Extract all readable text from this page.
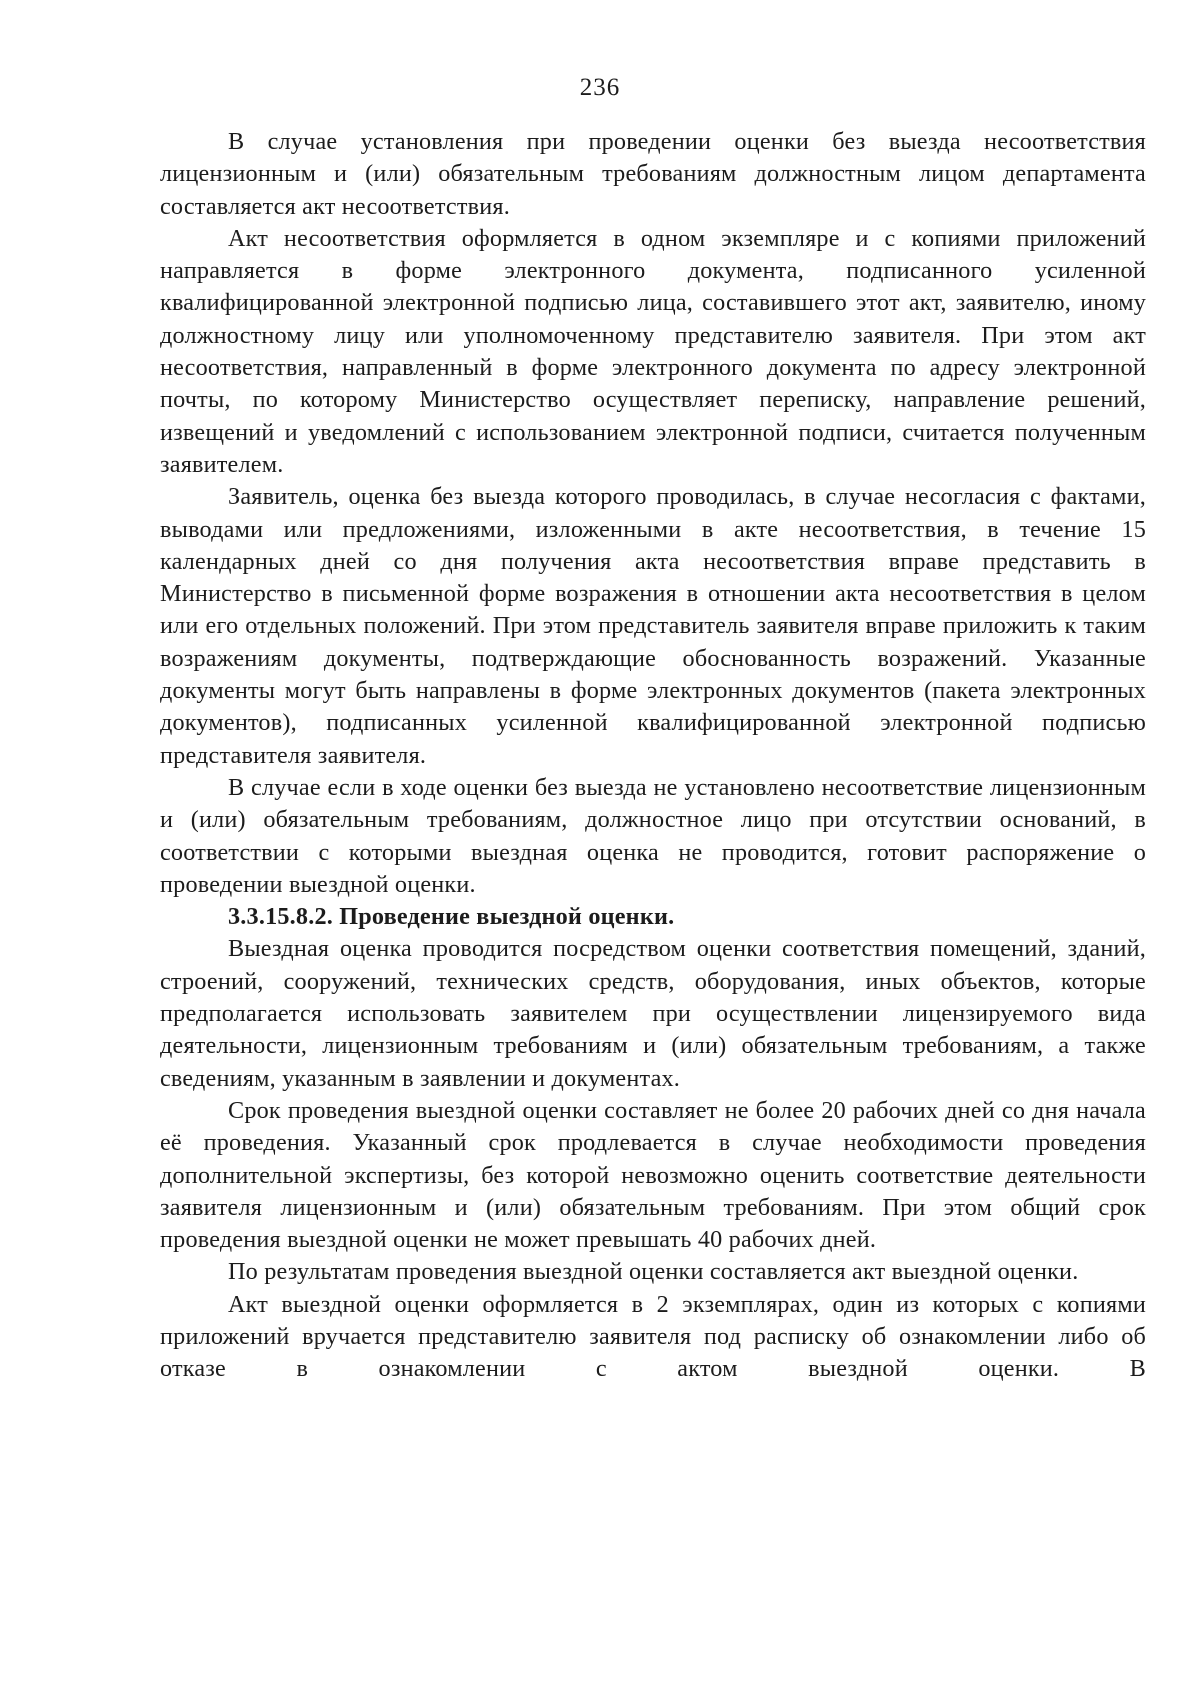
236

В случае установления при проведении оценки без выезда несоответствия лицензионным и (или) обязательным требованиям должностным лицом департамента составляется акт несоответствия.

Акт несоответствия оформляется в одном экземпляре и с копиями приложений направляется в форме электронного документа, подписанного усиленной квалифицированной электронной подписью лица, составившего этот акт, заявителю, иному должностному лицу или уполномоченному представителю заявителя. При этом акт несоответствия, направленный в форме электронного документа по адресу электронной почты, по которому Министерство осуществляет переписку, направление решений, извещений и уведомлений с использованием электронной подписи, считается полученным заявителем.

Заявитель, оценка без выезда которого проводилась, в случае несогласия с фактами, выводами или предложениями, изложенными в акте несоответствия, в течение 15 календарных дней со дня получения акта несоответствия вправе представить в Министерство в письменной форме возражения в отношении акта несоответствия в целом или его отдельных положений. При этом представитель заявителя вправе приложить к таким возражениям документы, подтверждающие обоснованность возражений. Указанные документы могут быть направлены в форме электронных документов (пакета электронных документов), подписанных усиленной квалифицированной электронной подписью представителя заявителя.

В случае если в ходе оценки без выезда не установлено несоответствие лицензионным и (или) обязательным требованиям, должностное лицо при отсутствии оснований, в соответствии с которыми выездная оценка не проводится, готовит распоряжение о проведении выездной оценки.

3.3.15.8.2. Проведение выездной оценки.

Выездная оценка проводится посредством оценки соответствия помещений, зданий, строений, сооружений, технических средств, оборудования, иных объектов, которые предполагается использовать заявителем при осуществлении лицензируемого вида деятельности, лицензионным требованиям и (или) обязательным требованиям, а также сведениям, указанным в заявлении и документах.

Срок проведения выездной оценки составляет не более 20 рабочих дней со дня начала её проведения. Указанный срок продлевается в случае необходимости проведения дополнительной экспертизы, без которой невозможно оценить соответствие деятельности заявителя лицензионным и (или) обязательным требованиям. При этом общий срок проведения выездной оценки не может превышать 40 рабочих дней.

По результатам проведения выездной оценки составляется акт выездной оценки.

Акт выездной оценки оформляется в 2 экземплярах, один из которых с копиями приложений вручается представителю заявителя под расписку об ознакомлении либо об отказе в ознакомлении с актом выездной оценки. В
